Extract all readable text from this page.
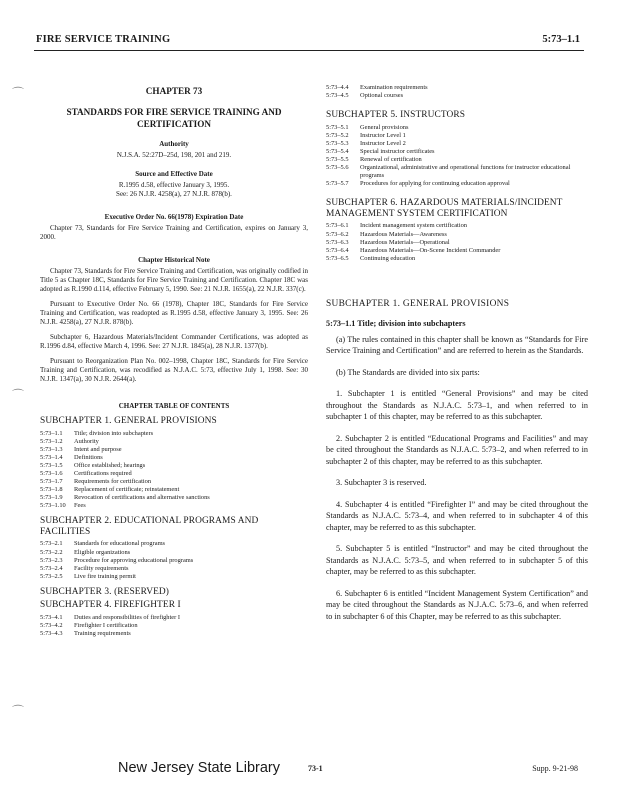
FIRE SERVICE TRAINING	5:73–1.1
⌒
⌒
⌒
CHAPTER 73
STANDARDS FOR FIRE SERVICE TRAINING AND CERTIFICATION
Authority
N.J.S.A. 52:27D–25d, 198, 201 and 219.
Source and Effective Date
R.1995 d.58, effective January 3, 1995.
See: 26 N.J.R. 4258(a), 27 N.J.R. 878(b).
Executive Order No. 66(1978) Expiration Date
Chapter 73, Standards for Fire Service Training and Certification, expires on January 3, 2000.
Chapter Historical Note
Chapter 73, Standards for Fire Service Training and Certification, was originally codified in Title 5 as Chapter 18C, Standards for Fire Service Training and Certification. Chapter 18C was adopted as R.1990 d.114, effective February 5, 1990. See: 21 N.J.R. 1655(a), 22 N.J.R. 337(c).
Pursuant to Executive Order No. 66 (1978), Chapter 18C, Standards for Fire Service Training and Certification, was readopted as R.1995 d.58, effective January 3, 1995. See: 26 N.J.R. 4258(a), 27 N.J.R. 878(b).
Subchapter 6, Hazardous Materials/Incident Commander Certifications, was adopted as R.1996 d.84, effective March 4, 1996. See: 27 N.J.R. 1845(a), 28 N.J.R. 1377(b).
Pursuant to Reorganization Plan No. 002–1998, Chapter 18C, Standards for Fire Service Training and Certification, was recodified as N.J.A.C. 5:73, effective July 1, 1998. See: 30 N.J.R. 1347(a), 30 N.J.R. 2644(a).
CHAPTER TABLE OF CONTENTS
SUBCHAPTER 1. GENERAL PROVISIONS
5:73–1.1	Title; division into subchapters
5:73–1.2	Authority
5:73–1.3	Intent and purpose
5:73–1.4	Definitions
5:73–1.5	Office established; hearings
5:73–1.6	Certifications required
5:73–1.7	Requirements for certification
5:73–1.8	Replacement of certificate; reinstatement
5:73–1.9	Revocation of certifications and alternative sanctions
5:73–1.10	Fees
SUBCHAPTER 2. EDUCATIONAL PROGRAMS AND FACILITIES
5:73–2.1	Standards for educational programs
5:73–2.2	Eligible organizations
5:73–2.3	Procedure for approving educational programs
5:73–2.4	Facility requirements
5:73–2.5	Live fire training permit
SUBCHAPTER 3. (RESERVED)
SUBCHAPTER 4. FIREFIGHTER I
5:73–4.1	Duties and responsibilities of firefighter I
5:73–4.2	Firefighter I certification
5:73–4.3	Training requirements
5:73–4.4	Examination requirements
5:73–4.5	Optional courses
SUBCHAPTER 5. INSTRUCTORS
5:73–5.1	General provisions
5:73–5.2	Instructor Level 1
5:73–5.3	Instructor Level 2
5:73–5.4	Special instructor certificates
5:73–5.5	Renewal of certification
5:73–5.6	Organizational, administrative and operational functions for instructor educational programs
5:73–5.7	Procedures for applying for continuing education approval
SUBCHAPTER 6. HAZARDOUS MATERIALS/INCIDENT MANAGEMENT SYSTEM CERTIFICATION
5:73–6.1	Incident management system certification
5:73–6.2	Hazardous Materials—Awareness
5:73–6.3	Hazardous Materials—Operational
5:73–6.4	Hazardous Materials—On-Scene Incident Commander
5:73–6.5	Continuing education
SUBCHAPTER 1. GENERAL PROVISIONS
5:73–1.1 Title; division into subchapters
(a) The rules contained in this chapter shall be known as “Standards for Fire Service Training and Certification” and are referred to herein as the Standards.
(b) The Standards are divided into six parts:
1. Subchapter 1 is entitled “General Provisions” and may be cited throughout the Standards as N.J.A.C. 5:73–1, and when referred to in subchapter 1 of this chapter, may be referred to as this subchapter.
2. Subchapter 2 is entitled “Educational Programs and Facilities” and may be cited throughout the Standards as N.J.A.C. 5:73–2, and when referred to in subchapter 2 of this chapter, may be referred to as this subchapter.
3. Subchapter 3 is reserved.
4. Subchapter 4 is entitled “Firefighter I” and may be cited throughout the Standards as N.J.A.C. 5:73–4, and when referred to in subchapter 4 of this chapter, may be referred to as this subchapter.
5. Subchapter 5 is entitled “Instructor” and may be cited throughout the Standards as N.J.A.C. 5:73–5, and when referred to in subchapter 5 of this chapter, may be referred to as this subchapter.
6. Subchapter 6 is entitled “Incident Management System Certification” and may be cited throughout the Standards as N.J.A.C. 5:73–6, and when referred to in subchapter 6 of this Chapter, may be referred to as this subchapter.
New Jersey State Library	73-1	Supp. 9-21-98
